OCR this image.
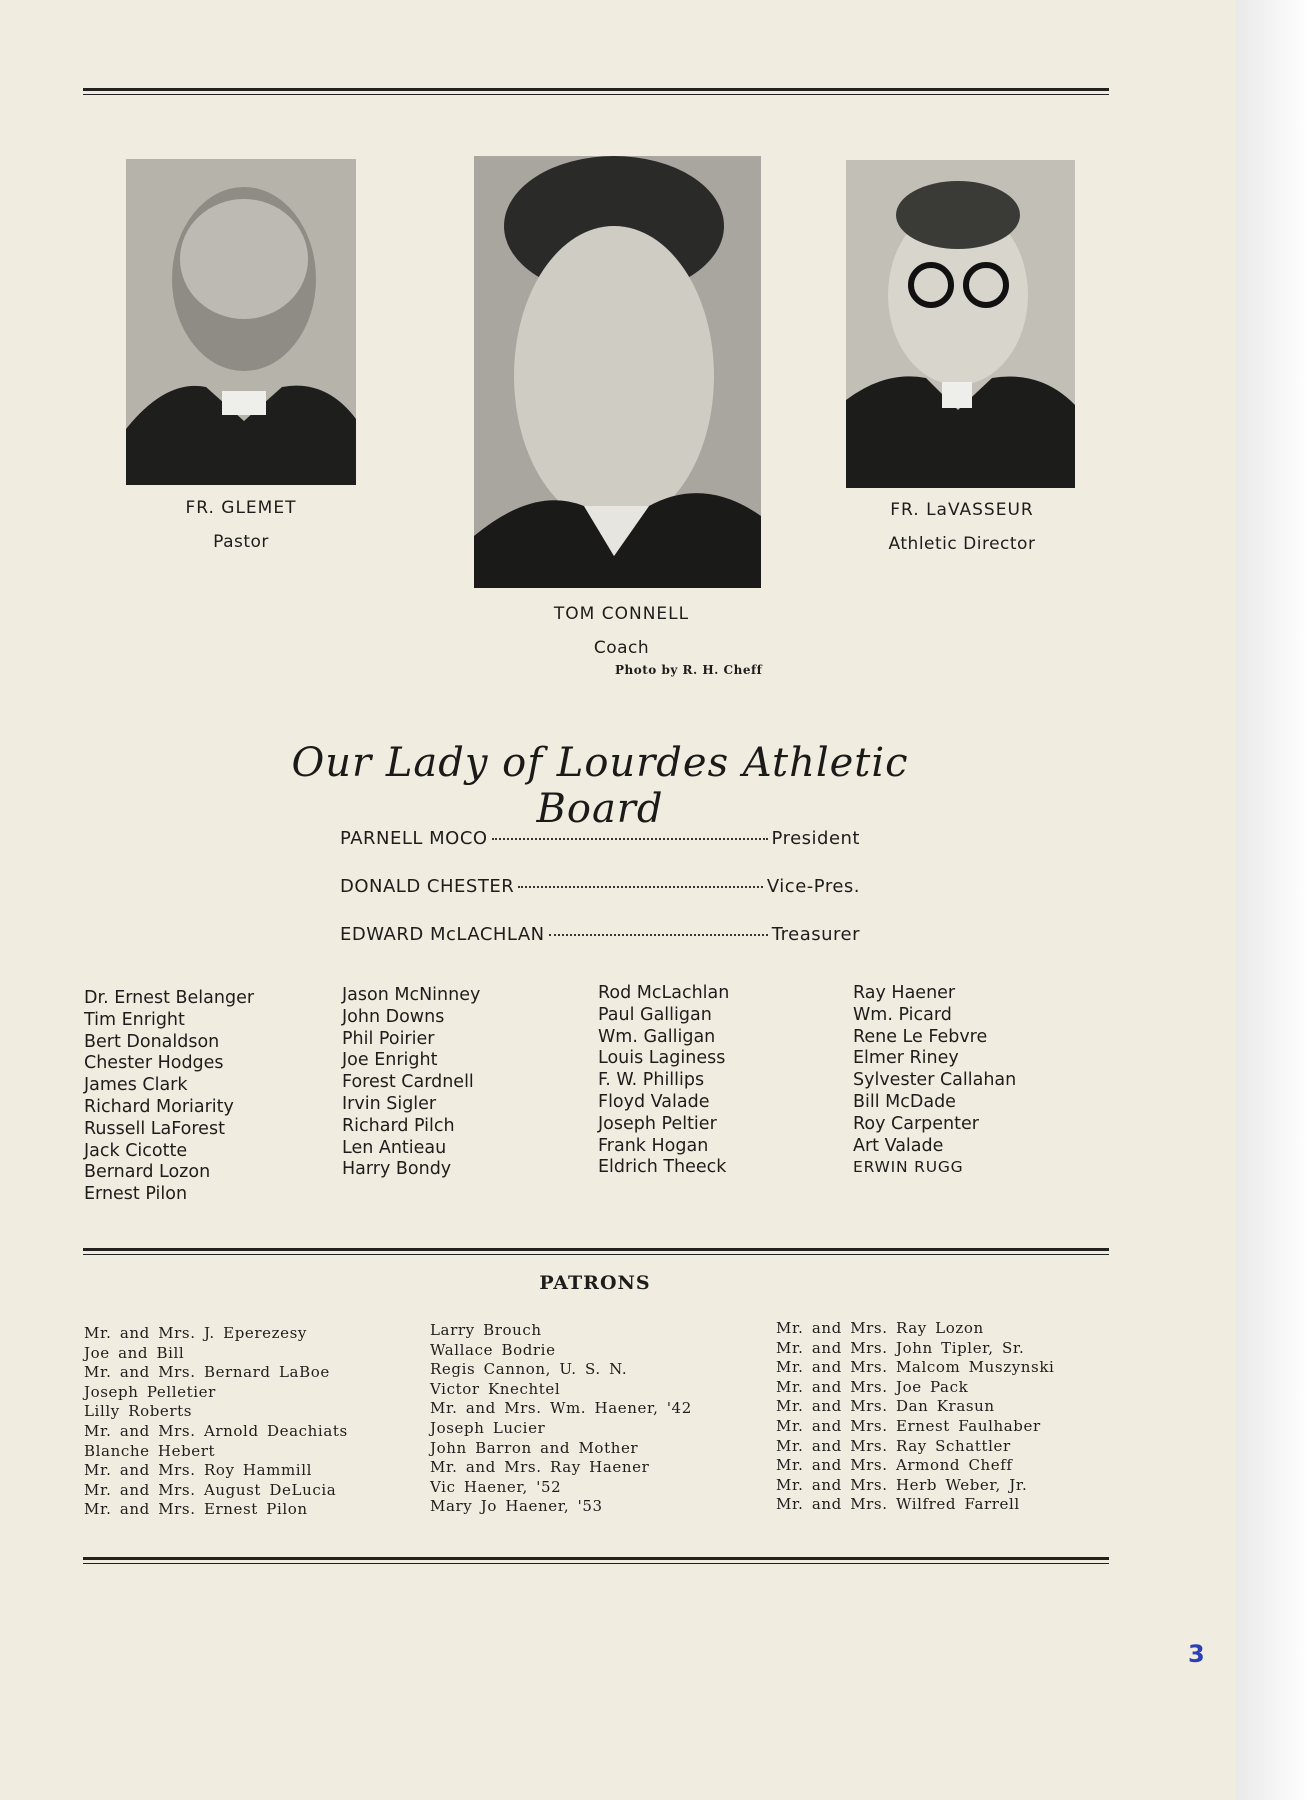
FR. GLEMET
Pastor
TOM CONNELL
Coach
Photo by R. H. Cheff
FR. LaVASSEUR
Athletic Director
Our Lady of Lourdes Athletic Board
PARNELL MOCO	President
DONALD CHESTER	Vice-Pres.
EDWARD McLACHLAN	Treasurer
Dr. Ernest Belanger
Tim Enright
Bert Donaldson
Chester Hodges
James Clark
Richard Moriarity
Russell LaForest
Jack Cicotte
Bernard Lozon
Ernest Pilon
Jason McNinney
John Downs
Phil Poirier
Joe Enright
Forest Cardnell
Irvin Sigler
Richard Pilch
Len Antieau
Harry Bondy
Rod McLachlan
Paul Galligan
Wm. Galligan
Louis Laginess
F. W. Phillips
Floyd Valade
Joseph Peltier
Frank Hogan
Eldrich Theeck
Ray Haener
Wm. Picard
Rene Le Febvre
Elmer Riney
Sylvester Callahan
Bill McDade
Roy Carpenter
Art Valade
ERWIN RUGG
PATRONS
Mr. and Mrs. J. Eperezesy
Joe and Bill
Mr. and Mrs. Bernard LaBoe
Joseph Pelletier
Lilly Roberts
Mr. and Mrs. Arnold Deachiats
Blanche Hebert
Mr. and Mrs. Roy Hammill
Mr. and Mrs. August DeLucia
Mr. and Mrs. Ernest Pilon
Larry Brouch
Wallace Bodrie
Regis Cannon, U. S. N.
Victor Knechtel
Mr. and Mrs. Wm. Haener, '42
Joseph Lucier
John Barron and Mother
Mr. and Mrs. Ray Haener
Vic Haener, '52
Mary Jo Haener, '53
Mr. and Mrs. Ray Lozon
Mr. and Mrs. John Tipler, Sr.
Mr. and Mrs. Malcom Muszynski
Mr. and Mrs. Joe Pack
Mr. and Mrs. Dan Krasun
Mr. and Mrs. Ernest Faulhaber
Mr. and Mrs. Ray Schattler
Mr. and Mrs. Armond Cheff
Mr. and Mrs. Herb Weber, Jr.
Mr. and Mrs. Wilfred Farrell
3
